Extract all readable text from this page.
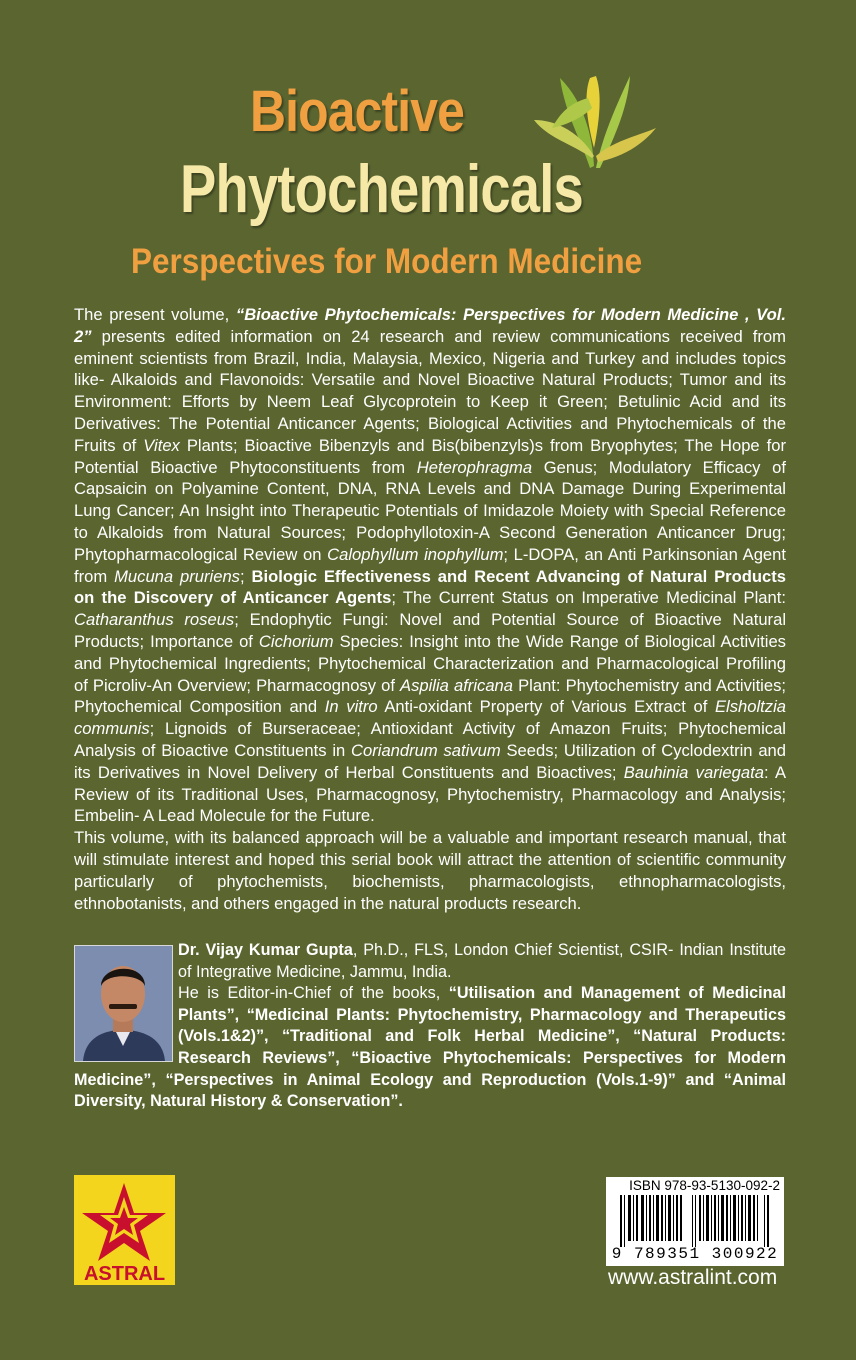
Bioactive
Phytochemicals
Perspectives for Modern Medicine

The present volume, “Bioactive Phytochemicals: Perspectives for Modern Medicine , Vol. 2” presents edited information on 24 research and review communications received from eminent scientists from Brazil, India, Malaysia, Mexico, Nigeria and Turkey and includes topics like- Alkaloids and Flavonoids: Versatile and Novel Bioactive Natural Products; Tumor and its Environment: Efforts by Neem Leaf Glycoprotein to Keep it Green; Betulinic Acid and its Derivatives: The Potential Anticancer Agents; Biological Activities and Phytochemicals of the Fruits of Vitex Plants; Bioactive Bibenzyls and Bis(bibenzyls)s from Bryophytes; The Hope for Potential Bioactive Phytoconstituents from Heterophragma Genus; Modulatory Efficacy of Capsaicin on Polyamine Content, DNA, RNA Levels and DNA Damage During Experimental Lung Cancer; An Insight into Therapeutic Potentials of Imidazole Moiety with Special Reference to Alkaloids from Natural Sources; Podophyllotoxin-A Second Generation Anticancer Drug; Phytopharmacological Review on Calophyllum inophyllum; L-DOPA, an Anti Parkinsonian Agent from Mucuna pruriens; Biologic Effectiveness and Recent Advancing of Natural Products on the Discovery of Anticancer Agents; The Current Status on Imperative Medicinal Plant: Catharanthus roseus; Endophytic Fungi: Novel and Potential Source of Bioactive Natural Products; Importance of Cichorium Species: Insight into the Wide Range of Biological Activities and Phytochemical Ingredients; Phytochemical Characterization and Pharmacological Profiling of Picroliv-An Overview; Pharmacognosy of Aspilia africana Plant: Phytochemistry and Activities; Phytochemical Composition and In vitro Anti-oxidant Property of Various Extract of Elsholtzia communis; Lignoids of Burseraceae; Antioxidant Activity of Amazon Fruits; Phytochemical Analysis of Bioactive Constituents in Coriandrum sativum Seeds; Utilization of Cyclodextrin and its Derivatives in Novel Delivery of Herbal Constituents and Bioactives; Bauhinia variegata: A Review of its Traditional Uses, Pharmacognosy, Phytochemistry, Pharmacology and Analysis; Embelin- A Lead Molecule for the Future.

This volume, with its balanced approach will be a valuable and important research manual, that will stimulate interest and hoped this serial book will attract the attention of scientific community particularly of phytochemists, biochemists, pharmacologists, ethnopharmacologists, ethnobotanists, and others engaged in the natural products research.

Dr. Vijay Kumar Gupta, Ph.D., FLS, London Chief Scientist, CSIR- Indian Institute of Integrative Medicine, Jammu, India.

He is Editor-in-Chief of the books, “Utilisation and Management of Medicinal Plants”, “Medicinal Plants: Phytochemistry, Pharmacology and Therapeutics (Vols.1&2)”, “Traditional and Folk Herbal Medicine”, “Natural Products: Research Reviews”, “Bioactive Phytochemicals: Perspectives for Modern Medicine”, “Perspectives in Animal Ecology and Reproduction (Vols.1-9)” and “Animal Diversity, Natural History & Conservation”.

ASTRAL
ISBN 978-93-5130-092-2
9 789351 300922
www.astralint.com
